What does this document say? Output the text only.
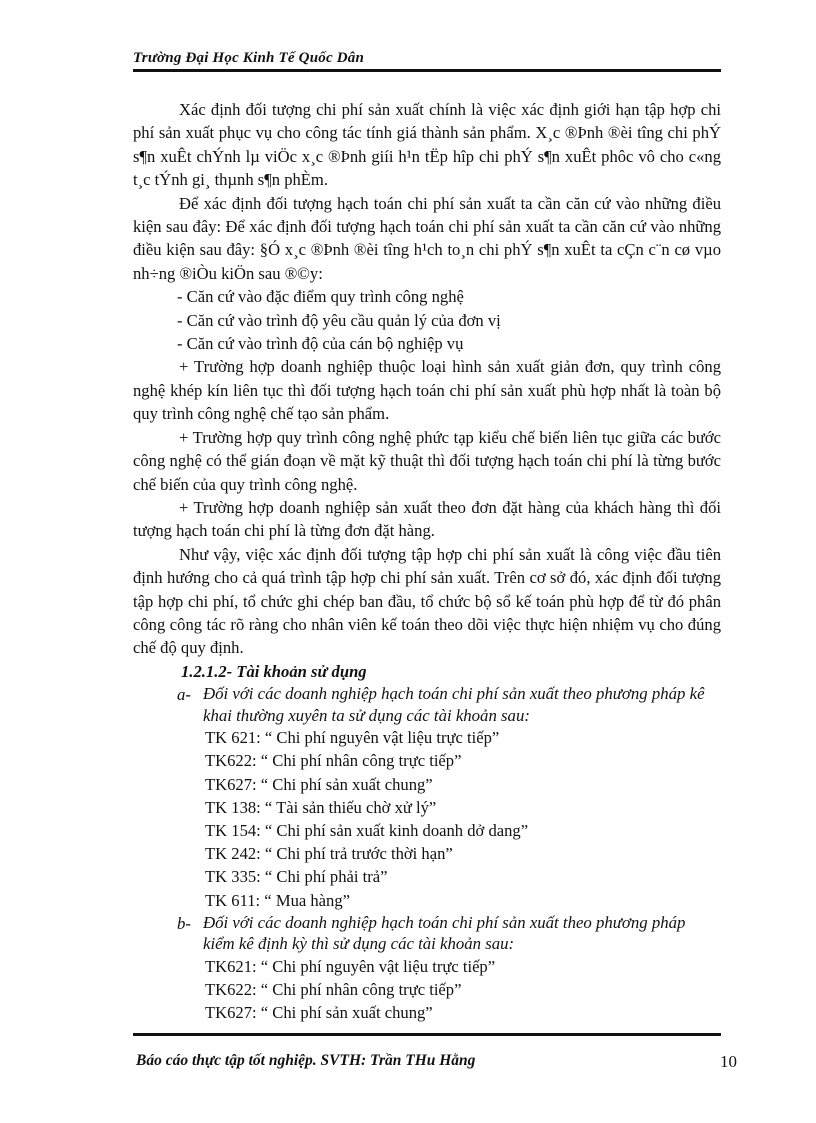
Trường Đại Học Kinh Tế Quốc Dân

Xác định đối tượng chi phí sản xuất chính là việc xác định giới hạn tập hợp chi phí sản xuất phục vụ cho công tác tính giá thành sản phẩm. X¸c ®Þnh ®èi tîng chi phÝ s¶n xuÊt chÝnh lµ viÖc x¸c ®Þnh giíi h¹n tËp hîp chi phÝ s¶n xuÊt phôc vô cho c«ng t¸c tÝnh gi¸ thµnh s¶n phÈm.

Để xác định đối tượng hạch toán chi phí sản xuất ta cần căn cứ vào những điều kiện sau đây: Để xác định đối tượng hạch toán chi phí sản xuất ta cần căn cứ vào những điều kiện sau đây: §Ó x¸c ®Þnh ®èi tîng h¹ch to¸n chi phÝ s¶n xuÊt ta cÇn c¨n cø vµo nh÷ng ®iÒu kiÖn sau ®©y:

- Căn cứ vào đặc điểm quy trình công nghệ

- Căn cứ vào trình độ yêu cầu quản lý của đơn vị

- Căn cứ vào trình độ của cán bộ nghiệp vụ

+ Trường hợp doanh nghiệp thuộc loại hình sản xuất giản đơn, quy trình công nghệ khép kín liên tục thì đối tượng hạch toán chi phí sản xuất phù hợp nhất là toàn bộ quy trình công nghệ chế tạo sản phẩm.

+ Trường hợp quy trình công nghệ phức tạp kiểu chế biến liên tục giữa các bước công nghệ có thể gián đoạn về mặt kỹ thuật thì đối tượng hạch toán chi phí là từng bước chế biến của quy trình công nghệ.

+ Trường hợp doanh nghiệp sản xuất theo đơn đặt hàng của khách hàng thì đối tượng hạch toán chi phí là từng đơn đặt hàng.

Như vậy, việc xác định đối tượng tập hợp chi phí sản xuất là công việc đầu tiên định hướng cho cả quá trình tập hợp chi phí sản xuất. Trên cơ sở đó, xác định đối tượng tập hợp chi phí, tổ chức ghi chép ban đầu, tổ chức bộ sổ kế toán phù hợp để từ đó phân công công tác rõ ràng cho nhân viên kế toán theo dõi việc thực hiện nhiệm vụ cho đúng chế độ quy định.

1.2.1.2- Tài khoản sử dụng

a- Đối với các doanh nghiệp hạch toán chi phí sản xuất theo phương pháp kê khai thường xuyên ta sử dụng các tài khoản sau:

TK 621: “ Chi phí nguyên vật liệu trực tiếp”

TK622: “ Chi phí nhân công trực tiếp”

TK627: “ Chi phí sản xuất chung”

TK 138: “ Tài sản thiếu chờ xử lý”

TK 154: “ Chi phí sản xuất kinh doanh dở dang”

TK 242: “ Chi phí trả trước thời hạn”

TK 335: “ Chi phí phải trả”

TK 611: “ Mua hàng”

b- Đối với các doanh nghiệp hạch toán chi phí sản xuất theo phương pháp kiểm kê định kỳ thì sử dụng các tài khoản sau:

TK621: “ Chi phí nguyên vật liệu trực tiếp”

TK622: “ Chi phí nhân công trực tiếp”

TK627: “ Chi phí sản xuất chung”

Báo cáo thực tập tốt nghiệp. SVTH: Trần THu Hằng	10
